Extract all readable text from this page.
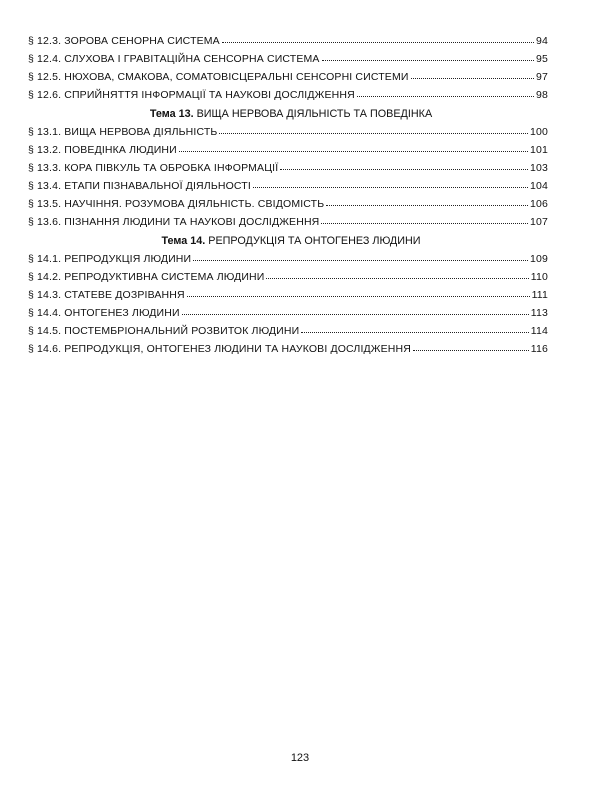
§ 12.3. ЗОРОВА СЕНОРНА СИСТЕМА	94
§ 12.4. СЛУХОВА І ГРАВІТАЦІЙНА СЕНСОРНА СИСТЕМА	95
§ 12.5. НЮХОВА, СМАКОВА, СОМАТОВІСЦЕРАЛЬНІ СЕНСОРНІ СИСТЕМИ	97
§ 12.6. СПРИЙНЯТТЯ ІНФОРМАЦІЇ ТА НАУКОВІ ДОСЛІДЖЕННЯ	98
Тема 13. ВИЩА НЕРВОВА ДІЯЛЬНІСТЬ ТА ПОВЕДІНКА
§ 13.1. ВИЩА НЕРВОВА ДІЯЛЬНІСТЬ	100
§ 13.2. ПОВЕДІНКА ЛЮДИНИ	101
§ 13.3. КОРА ПІВКУЛЬ ТА ОБРОБКА ІНФОРМАЦІЇ	103
§ 13.4. ЕТАПИ ПІЗНАВАЛЬНОЇ ДІЯЛЬНОСТІ	104
§ 13.5. НАУЧІННЯ. РОЗУМОВА ДІЯЛЬНІСТЬ. СВІДОМІСТЬ	106
§ 13.6. ПІЗНАННЯ ЛЮДИНИ ТА НАУКОВІ ДОСЛІДЖЕННЯ	107
Тема 14. РЕПРОДУКЦІЯ ТА ОНТОГЕНЕЗ ЛЮДИНИ
§ 14.1. РЕПРОДУКЦІЯ ЛЮДИНИ	109
§ 14.2. РЕПРОДУКТИВНА СИСТЕМА ЛЮДИНИ	110
§ 14.3. СТАТЕВЕ ДОЗРІВАННЯ	111
§ 14.4. ОНТОГЕНЕЗ ЛЮДИНИ	113
§ 14.5. ПОСТЕМБРІОНАЛЬНИЙ РОЗВИТОК ЛЮДИНИ	114
§ 14.6. РЕПРОДУКЦІЯ, ОНТОГЕНЕЗ ЛЮДИНИ ТА НАУКОВІ ДОСЛІДЖЕННЯ	116
123
